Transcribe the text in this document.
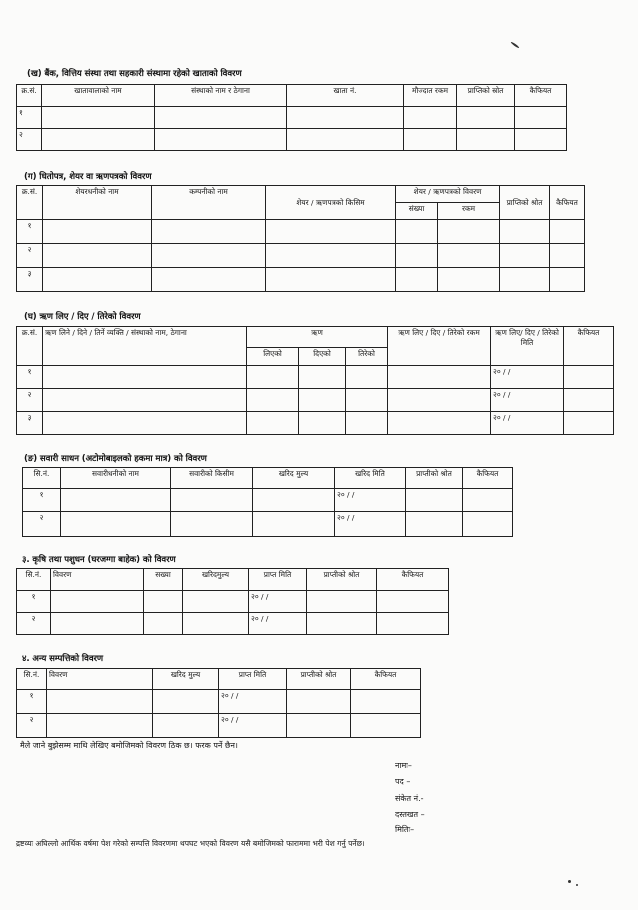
(ख) बैंक, वित्तिय संस्था तथा सहकारी संस्थामा रहेको खाताको विवरण
क्र.सं.	खातावालाको नाम	संस्थाको नाम र ठेगाना	खाता नं.	मौज्दात रकम	प्राप्तिको स्रोत	कैफियत
१						
२						
(ग) धितोपत्र, शेयर वा ऋणपत्रको विवरण
क्र.सं.	शेयरधनीको नाम	कम्पनीको नाम	शेयर / ऋणपत्रको किसिम	शेयर / ऋणपत्रको विवरण		प्राप्तिको श्रोत	कैफियत
				संख्या	रकम		
१							
२							
३							
(घ) ऋण लिए / दिए / तिरेको विवरण
क्र.सं.	ऋण लिने / दिने / तिर्ने व्यक्ति / संस्थाको नाम, ठेगाना	ऋण			ऋण लिए / दिए / तिरेको रकम	ऋण लिए/ दिए / तिरेको मिति	कैफियत
		लिएको	दिएको	तिरेको			
१						२० / /	
२						२० / /	
३						२० / /	
(ङ) सवारी साधन (अटोमोबाइलको हकमा मात्र) को विवरण
सि.नं.	सवारीधनीको नाम	सवारीको किसीम	खरिद मुल्य	खरिद मिति	प्राप्तीको श्रोत	कैफियत
१				२० / /		
२				२० / /		
३. कृषि तथा पशुधन (घरजग्गा बाहेक) को विवरण
सि.नं.	विवरण	सख्या	खरिदमुल्य	प्राप्त मिति	प्राप्तीको श्रोत	कैफियत
१				२० / /		
२				२० / /		
४. अन्य सम्पत्तिको विवरण
सि.नं.	विवरण	खरिद मुल्य	प्राप्त मिति	प्राप्तीको श्रोत	कैफियत
१			२० / /		
२			२० / /		
मैले जाने बुझेसम्म माथि लेखिए बमोजिमको विवरण ठिक छ। फरक पर्ने छैन।
नामः–
पद –
संकेत नं.-
दस्तखत –
मितिः–
द्रष्टव्यः अघिल्लो आर्थिक वर्षमा पेश गरेको सम्पत्ति विवरणमा थपघट भएको विवरण यसै बमोजिमको फाराममा भरी पेश गर्नु पर्नेछ।
